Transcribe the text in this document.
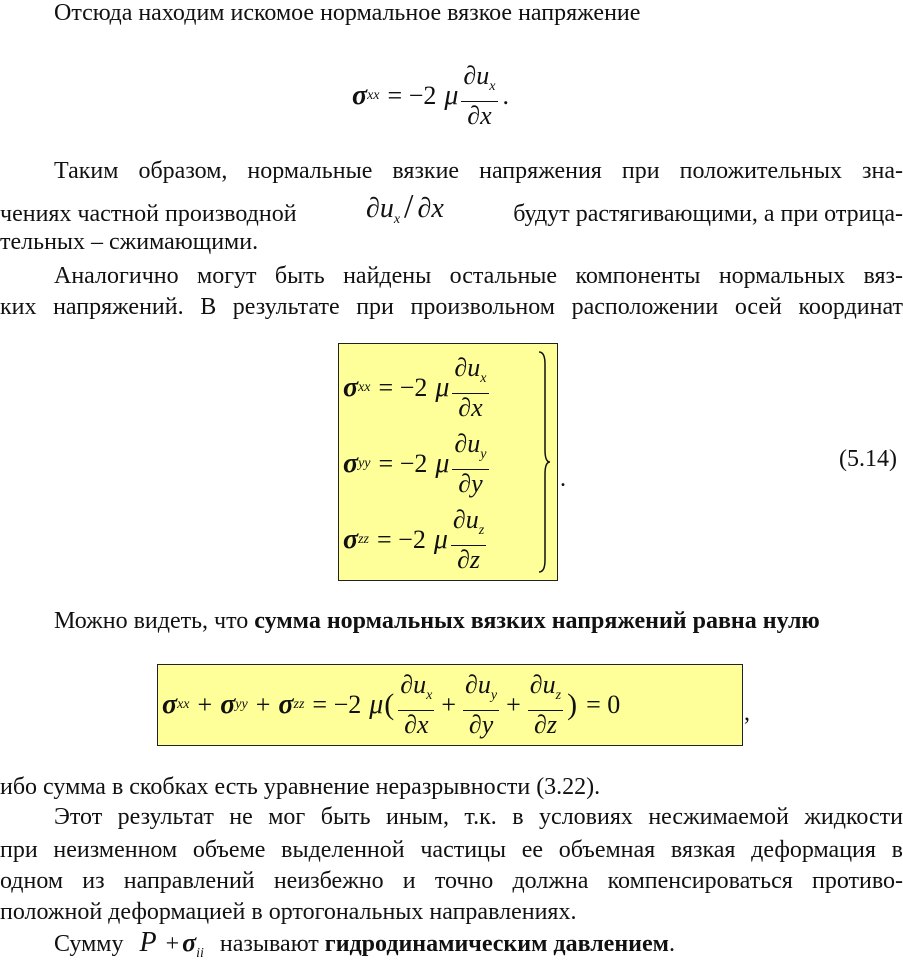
Отсюда находим искомое нормальное вязкое напряжение

σ xx = −2 μ $\frac{\partial u_x}{\partial x}$ .

Таким образом, нормальные вязкие напряжения при положительных зна-

чениях частной производной $\partial u_x / \partial x$	будут растягивающими, а при отрица-

тельных – сжимающими.

Аналогично могут быть найдены остальные компоненты нормальных вяз-

ких напряжений. В результате при произвольном расположении осей координат

σ xx = −2 μ $\frac{\partial u_x}{\partial x}$
σ yy = −2 μ $\frac{\partial u_y}{\partial y}$
σ zz = −2 μ $\frac{\partial u_z}{\partial z}$
.
(5.14)

Можно видеть, что сумма нормальных вязких напряжений равна нулю

σ xx + σ yy + σ zz = −2 μ ( $\frac{\partial u_x}{\partial x} + \frac{\partial u_y}{\partial y} + \frac{\partial u_z}{\partial z}$ ) = 0	,

ибо сумма в скобках есть уравнение неразрывности (3.22).

Этот результат не мог быть иным, т.к. в условиях несжимаемой жидкости

при неизменном объеме выделенной частицы ее объемная вязкая деформация в

одном из направлений неизбежно и точно должна компенсироваться противо-

положной деформацией в ортогональных направлениях.

Сумму $P + \sigma_{ii}$ называют гидродинамическим давлением.
